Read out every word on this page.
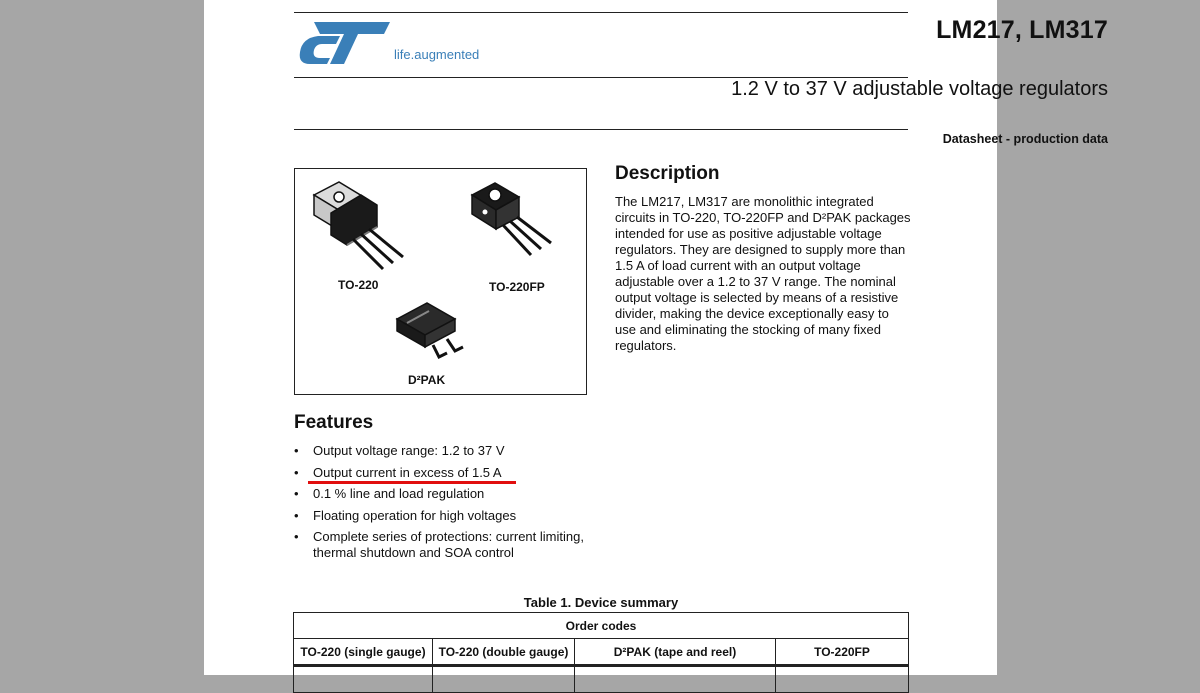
life.augmented
LM217, LM317
1.2 V to 37 V adjustable voltage regulators
Datasheet - production data
TO-220	TO-220FP
D²PAK
Description
The LM217, LM317 are monolithic integrated circuits in TO-220, TO-220FP and D²PAK packages intended for use as positive adjustable voltage regulators. They are designed to supply more than 1.5 A of load current with an output voltage adjustable over a 1.2 to 37 V range. The nominal output voltage is selected by means of a resistive divider, making the device exceptionally easy to use and eliminating the stocking of many fixed regulators.
Features
• Output voltage range: 1.2 to 37 V
• Output current in excess of 1.5 A
• 0.1 % line and load regulation
• Floating operation for high voltages
• Complete series of protections: current limiting, thermal shutdown and SOA control
Table 1. Device summary
Order codes			
TO-220 (single gauge)	TO-220 (double gauge)	D²PAK (tape and reel)	TO-220FP
